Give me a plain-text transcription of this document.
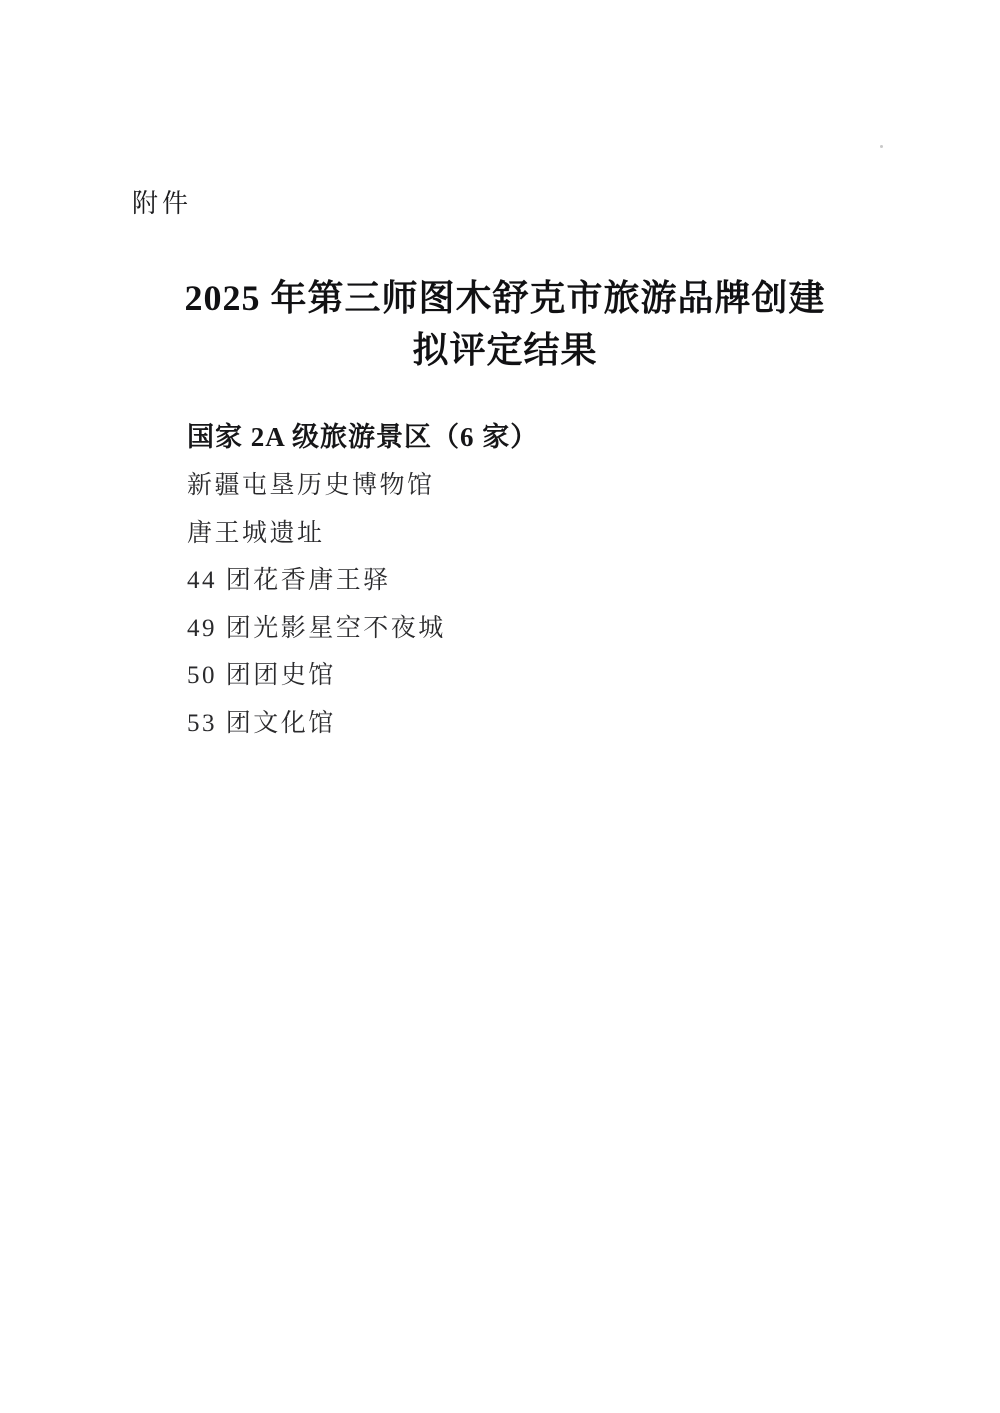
附件
2025 年第三师图木舒克市旅游品牌创建
拟评定结果
国家 2A 级旅游景区（6 家）
新疆屯垦历史博物馆
唐王城遗址
44 团花香唐王驿
49 团光影星空不夜城
50 团团史馆
53 团文化馆
